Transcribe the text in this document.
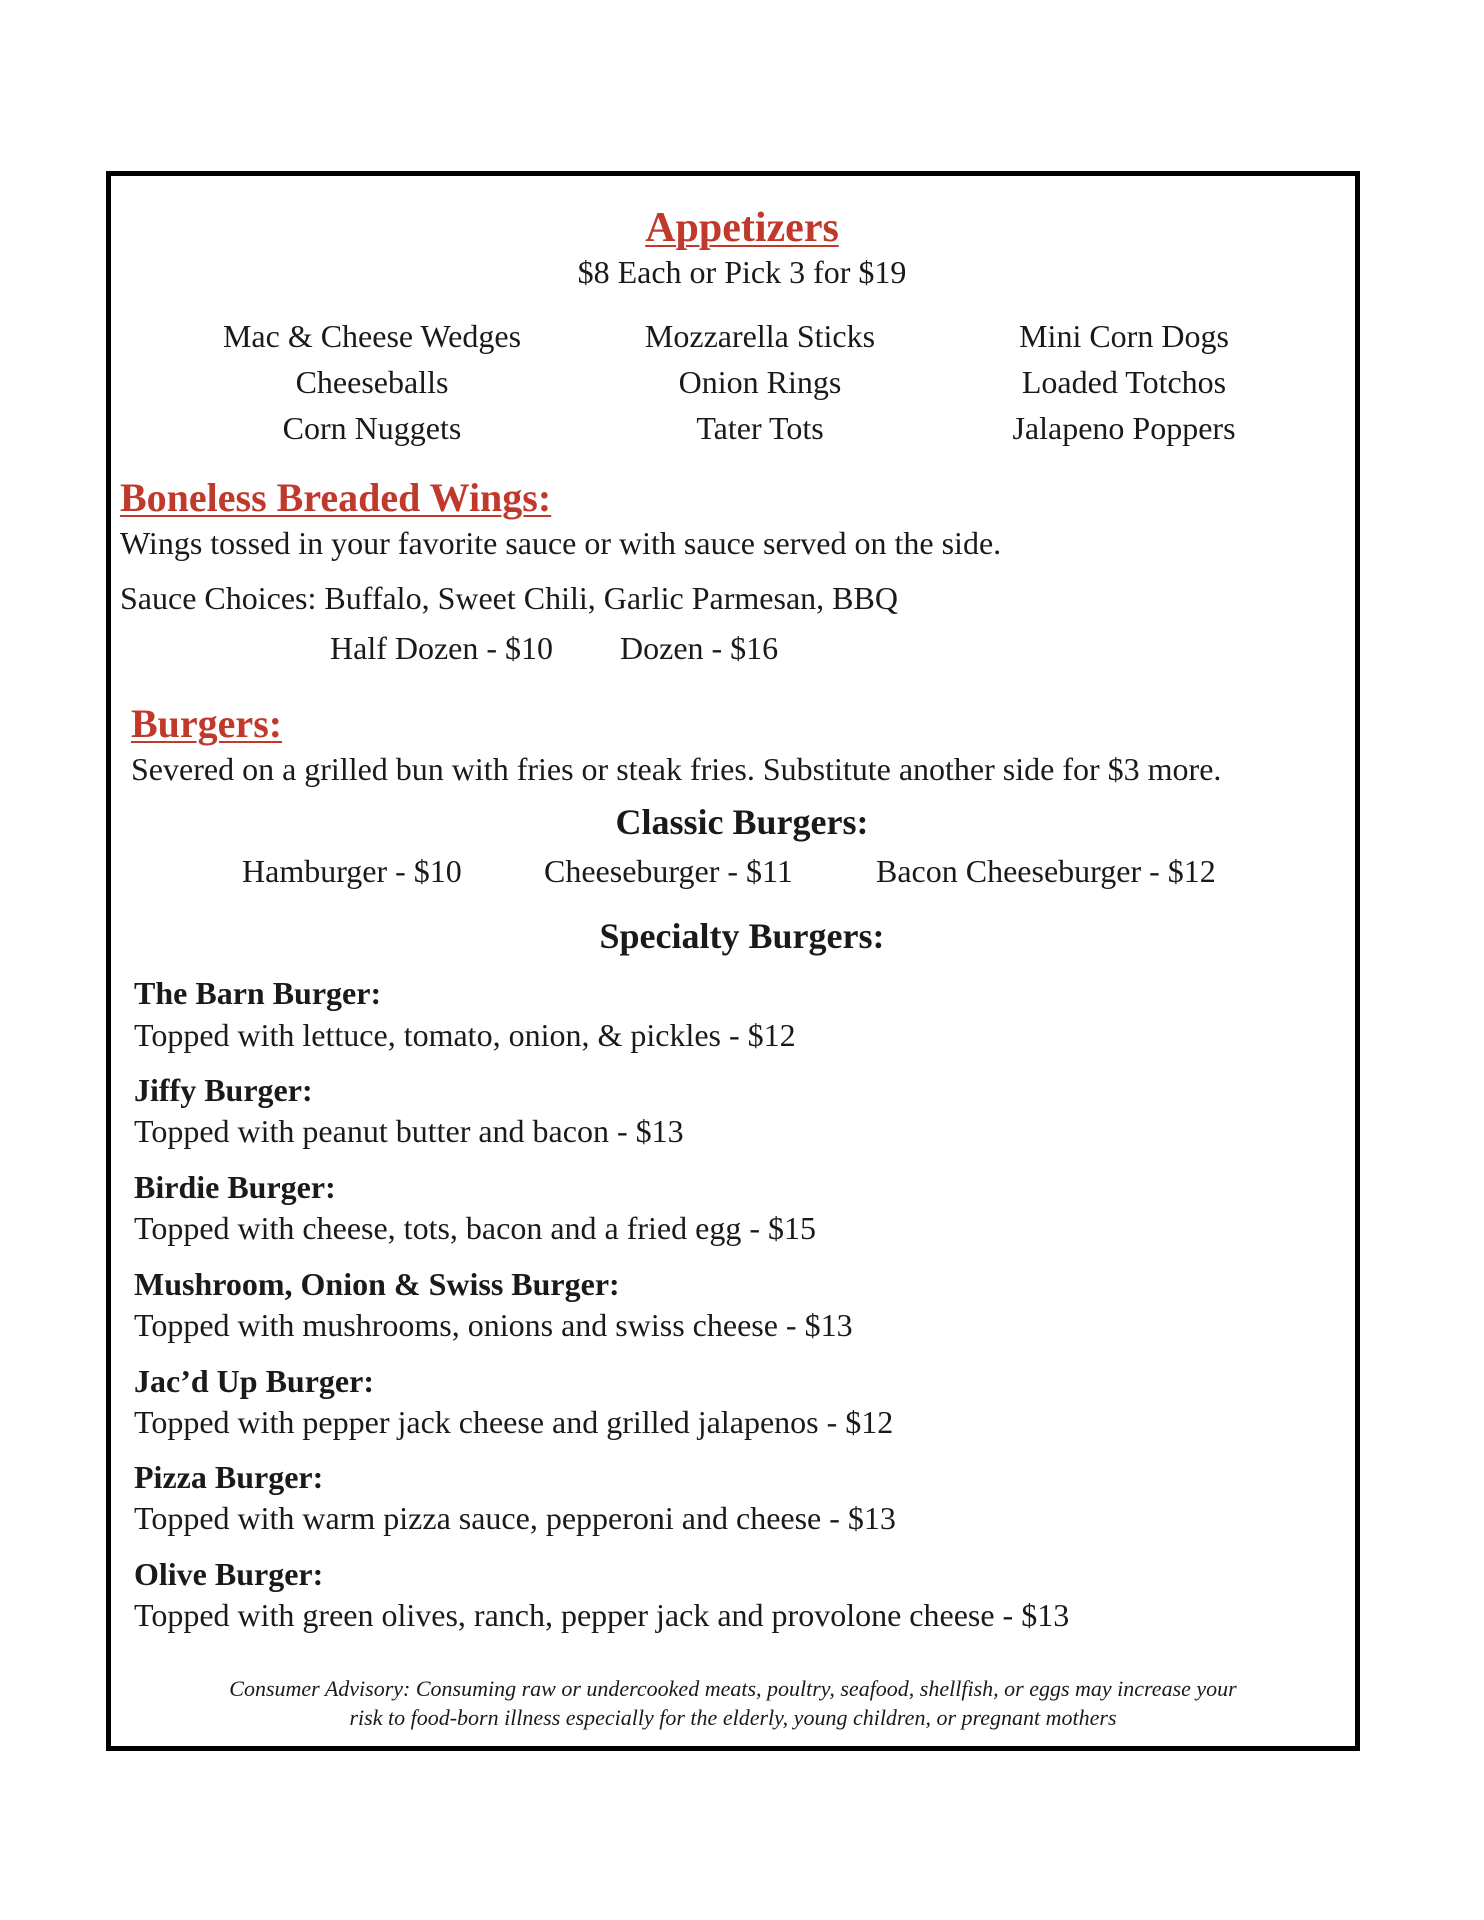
Appetizers
$8 Each or Pick 3 for $19
Mac & Cheese Wedges
Cheeseballs
Corn Nuggets
Mozzarella Sticks
Onion Rings
Tater Tots
Mini Corn Dogs
Loaded Totchos
Jalapeno Poppers
Boneless Breaded Wings:
Wings tossed in your favorite sauce or with sauce served on the side.
Sauce Choices: Buffalo, Sweet Chili, Garlic Parmesan, BBQ
Half Dozen - $10 Dozen - $16
Burgers:
Severed on a grilled bun with fries or steak fries. Substitute another side for $3 more.
Classic Burgers:
Hamburger - $10	Cheeseburger - $11	Bacon Cheeseburger - $12
Specialty Burgers:
The Barn Burger:
Topped with lettuce, tomato, onion, & pickles - $12
Jiffy Burger:
Topped with peanut butter and bacon - $13
Birdie Burger:
Topped with cheese, tots, bacon and a fried egg - $15
Mushroom, Onion & Swiss Burger:
Topped with mushrooms, onions and swiss cheese - $13
Jac’d Up Burger:
Topped with pepper jack cheese and grilled jalapenos - $12
Pizza Burger:
Topped with warm pizza sauce, pepperoni and cheese - $13
Olive Burger:
Topped with green olives, ranch, pepper jack and provolone cheese - $13
Consumer Advisory: Consuming raw or undercooked meats, poultry, seafood, shellfish, or eggs may increase your
risk to food-born illness especially for the elderly, young children, or pregnant mothers
